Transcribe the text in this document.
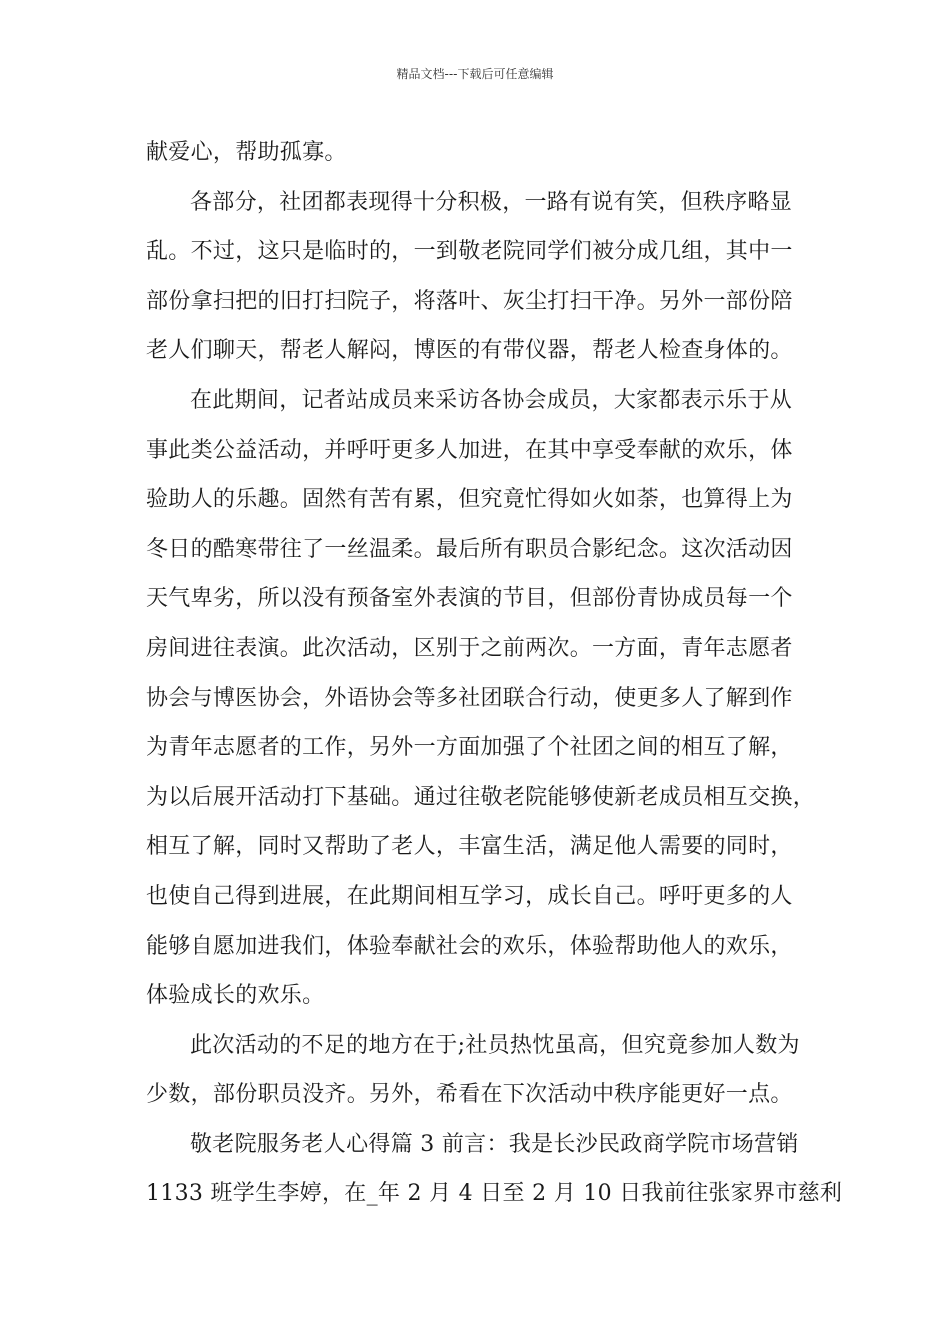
精品文档---下载后可任意编辑
献爱心，帮助孤寡。
各部分，社团都表现得十分积极，一路有说有笑，但秩序略显
乱。不过，这只是临时的，一到敬老院同学们被分成几组，其中一
部份拿扫把的旧打扫院子，将落叶、灰尘打扫干净。另外一部份陪
老人们聊天，帮老人解闷，博医的有带仪器，帮老人检查身体的。
在此期间，记者站成员来采访各协会成员，大家都表示乐于从
事此类公益活动，并呼吁更多人加进，在其中享受奉献的欢乐，体
验助人的乐趣。固然有苦有累，但究竟忙得如火如荼，也算得上为
冬日的酷寒带往了一丝温柔。最后所有职员合影纪念。这次活动因
天气卑劣，所以没有预备室外表演的节目，但部份青协成员每一个
房间进往表演。此次活动，区别于之前两次。一方面，青年志愿者
协会与博医协会，外语协会等多社团联合行动，使更多人了解到作
为青年志愿者的工作，另外一方面加强了个社团之间的相互了解，
为以后展开活动打下基础。通过往敬老院能够使新老成员相互交换，
相互了解，同时又帮助了老人，丰富生活，满足他人需要的同时，
也使自己得到进展，在此期间相互学习，成长自己。呼吁更多的人
能够自愿加进我们，体验奉献社会的欢乐，体验帮助他人的欢乐，
体验成长的欢乐。
此次活动的不足的地方在于;社员热忱虽高，但究竟参加人数为
少数，部份职员没齐。另外，希看在下次活动中秩序能更好一点。
敬老院服务老人心得篇 3 前言：我是长沙民政商学院市场营销
1133 班学生李婷，在_年 2 月 4 日至 2 月 10 日我前往张家界市慈利
